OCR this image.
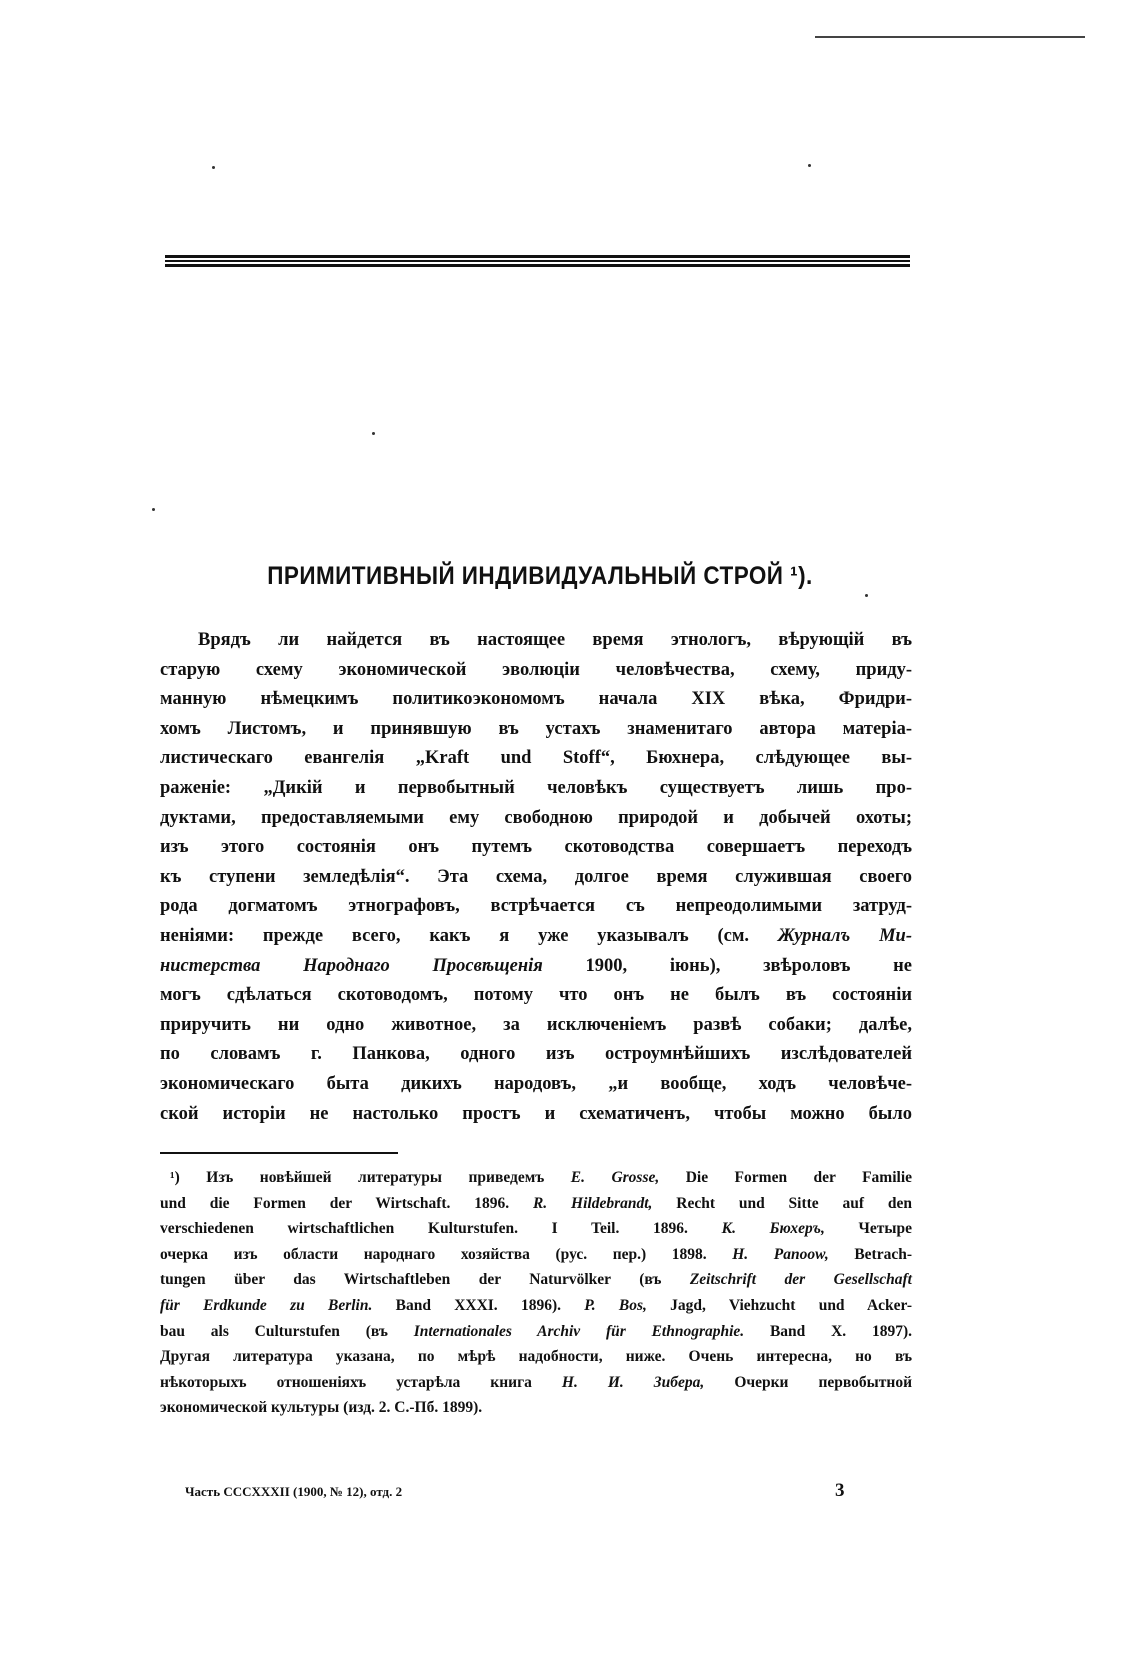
ПРИМИТИВНЫЙ ИНДИВИДУАЛЬНЫЙ СТРОЙ ¹).
Врядъ ли найдется въ настоящее время этнологъ, вѣрующій въ
старую схему экономической эволюціи человѣчества, схему, приду-
манную нѣмецкимъ политикоэкономомъ начала XIX вѣка, Фридри-
хомъ Листомъ, и принявшую въ устахъ знаменитаго автора матеріа-
листическаго евангелія „Kraft und Stoff“, Бюхнера, слѣдующее вы-
раженіе: „Дикій и первобытный человѣкъ существуетъ лишь про-
дуктами, предоставляемыми ему свободною природой и добычей охоты;
изъ этого состоянія онъ путемъ скотоводства совершаетъ переходъ
къ ступени земледѣлія“. Эта схема, долгое время служившая своего
рода догматомъ этнографовъ, встрѣчается съ непреодолимыми затруд-
неніями: прежде всего, какъ я уже указывалъ (см. Журналъ Ми-
нистерства Народнаго Просвѣщенія 1900, іюнь), звѣроловъ не
могъ сдѣлаться скотоводомъ, потому что онъ не былъ въ состояніи
приручить ни одно животное, за исключеніемъ развѣ собаки; далѣе,
по словамъ г. Панкова, одного изъ остроумнѣйшихъ изслѣдователей
экономическаго быта дикихъ народовъ, „и вообще, ходъ человѣче-
ской исторіи не настолько простъ и схематиченъ, чтобы можно было
¹) Изъ новѣйшей литературы приведемъ E. Grosse, Die Formen der Familie
und die Formen der Wirtschaft. 1896. R. Hildebrandt, Recht und Sitte auf den
verschiedenen wirtschaftlichen Kulturstufen. I Teil. 1896. К. Бюхеръ, Четыре
очерка изъ области народнаго хозяйства (рус. пер.) 1898. H. Panoow, Betrach-
tungen über das Wirtschaftleben der Naturvölker (въ Zeitschrift der Gesellschaft
für Erdkunde zu Berlin. Band XXXI. 1896). P. Bos, Jagd, Viehzucht und Acker-
bau als Culturstufen (въ Internationales Archiv für Ethnographie. Band X. 1897).
Другая литература указана, по мѣрѣ надобности, ниже. Очень интересна, но въ
нѣкоторыхъ отношеніяхъ устарѣла книга Н. И. Зибера, Очерки первобытной
экономической культуры (изд. 2. С.-Пб. 1899).
Часть CCCXXXII (1900, № 12), отд. 2	3
